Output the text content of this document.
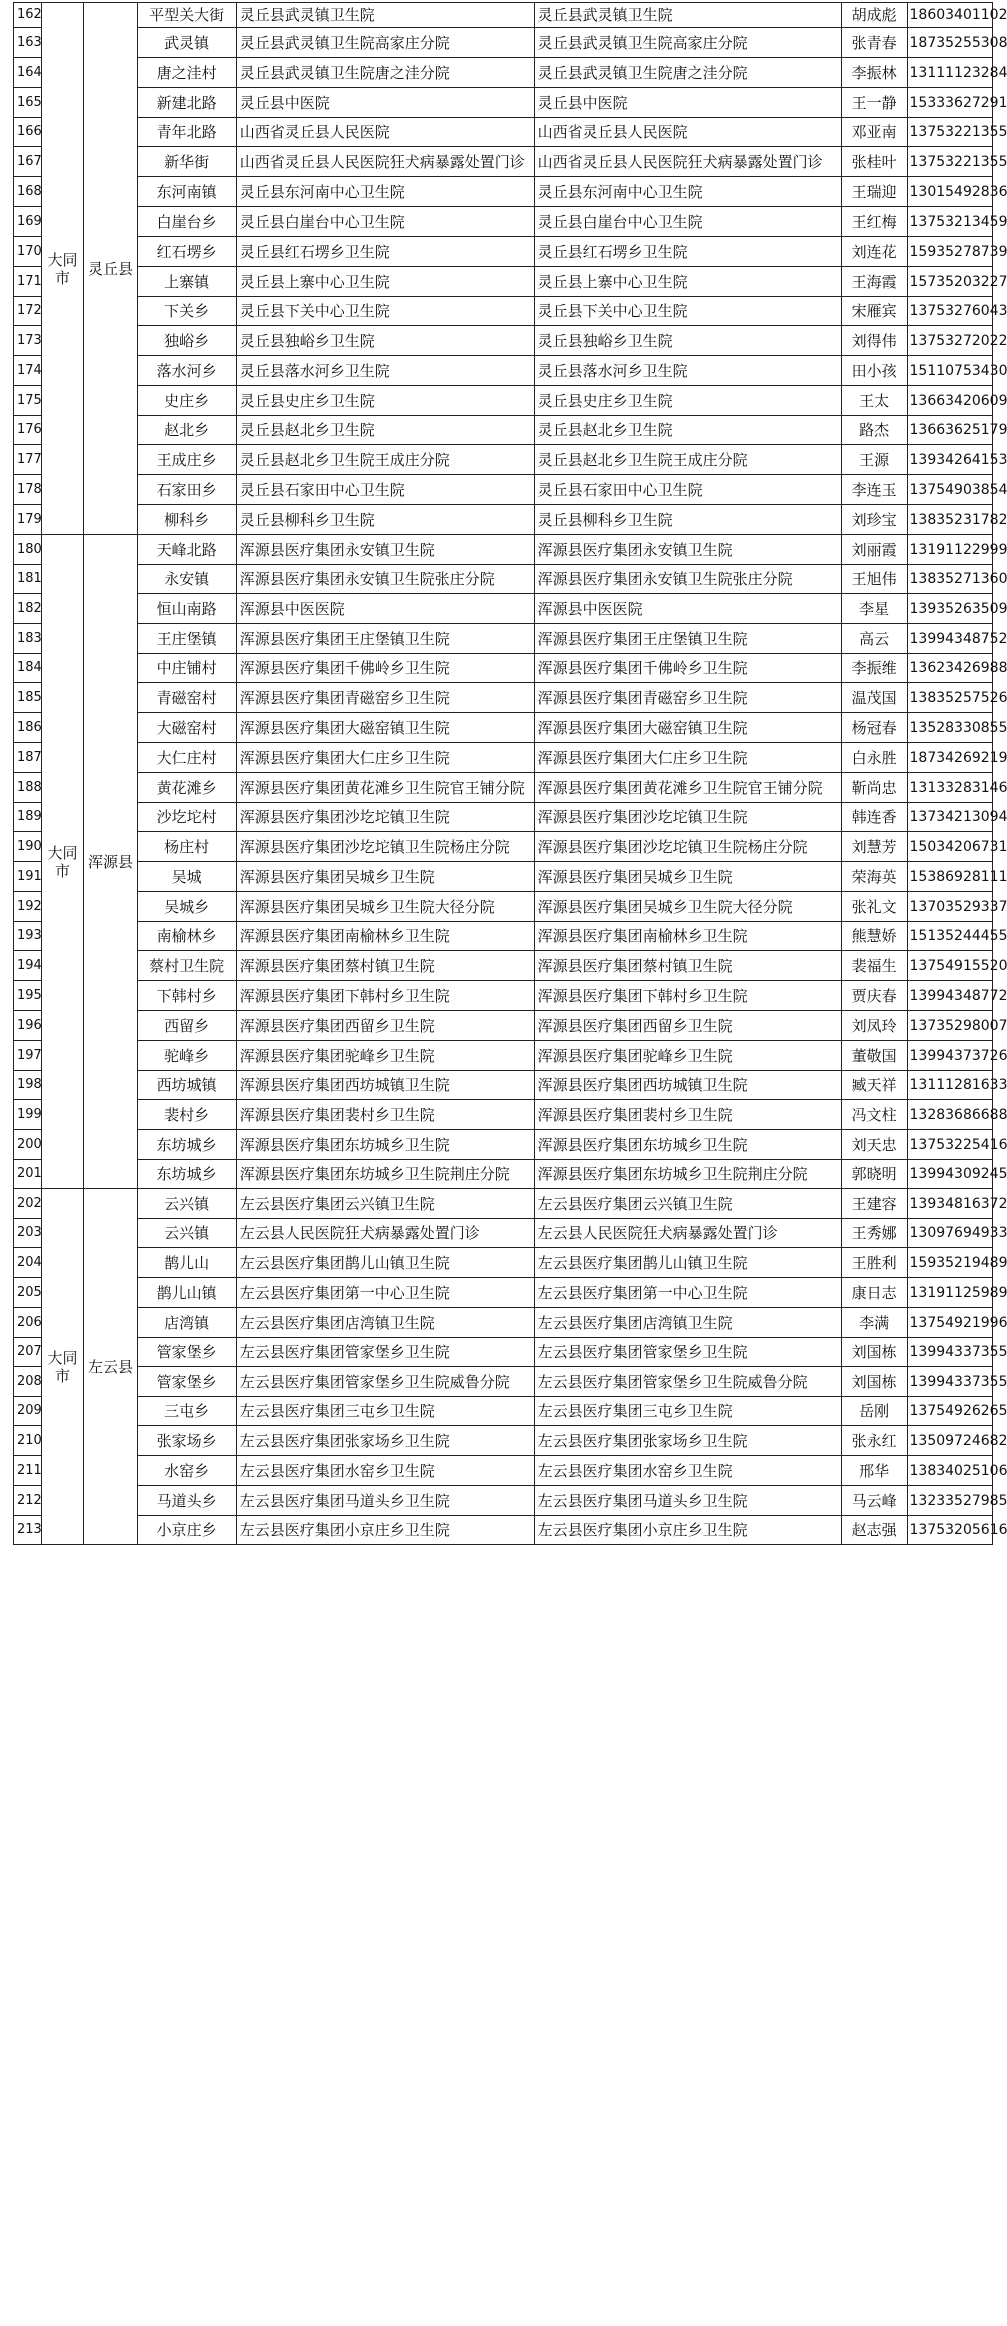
162	大同市	灵丘县	平型关大街	灵丘县武灵镇卫生院	灵丘县武灵镇卫生院	胡成彪	18603401102
163			武灵镇	灵丘县武灵镇卫生院高家庄分院	灵丘县武灵镇卫生院高家庄分院	张青春	18735255308
164			唐之洼村	灵丘县武灵镇卫生院唐之洼分院	灵丘县武灵镇卫生院唐之洼分院	李振林	13111123284
165			新建北路	灵丘县中医院	灵丘县中医院	王一静	15333627291
166			青年北路	山西省灵丘县人民医院	山西省灵丘县人民医院	邓亚南	13753221355
167			新华街	山西省灵丘县人民医院狂犬病暴露处置门诊	山西省灵丘县人民医院狂犬病暴露处置门诊	张桂叶	13753221355
168			东河南镇	灵丘县东河南中心卫生院	灵丘县东河南中心卫生院	王瑞迎	13015492836
169			白崖台乡	灵丘县白崖台中心卫生院	灵丘县白崖台中心卫生院	王红梅	13753213459
170			红石塄乡	灵丘县红石塄乡卫生院	灵丘县红石塄乡卫生院	刘连花	15935278739
171			上寨镇	灵丘县上寨中心卫生院	灵丘县上寨中心卫生院	王海霞	15735203227
172			下关乡	灵丘县下关中心卫生院	灵丘县下关中心卫生院	宋雁宾	13753276043
173			独峪乡	灵丘县独峪乡卫生院	灵丘县独峪乡卫生院	刘得伟	13753272022
174			落水河乡	灵丘县落水河乡卫生院	灵丘县落水河乡卫生院	田小孩	15110753430
175			史庄乡	灵丘县史庄乡卫生院	灵丘县史庄乡卫生院	王太	13663420609
176			赵北乡	灵丘县赵北乡卫生院	灵丘县赵北乡卫生院	路杰	13663625179
177			王成庄乡	灵丘县赵北乡卫生院王成庄分院	灵丘县赵北乡卫生院王成庄分院	王源	13934264153
178			石家田乡	灵丘县石家田中心卫生院	灵丘县石家田中心卫生院	李连玉	13754903854
179			柳科乡	灵丘县柳科乡卫生院	灵丘县柳科乡卫生院	刘珍宝	13835231782
180	大同市	浑源县	天峰北路	浑源县医疗集团永安镇卫生院	浑源县医疗集团永安镇卫生院	刘丽霞	13191122999
181			永安镇	浑源县医疗集团永安镇卫生院张庄分院	浑源县医疗集团永安镇卫生院张庄分院	王旭伟	13835271360
182			恒山南路	浑源县中医医院	浑源县中医医院	李星	13935263509
183			王庄堡镇	浑源县医疗集团王庄堡镇卫生院	浑源县医疗集团王庄堡镇卫生院	高云	13994348752
184			中庄铺村	浑源县医疗集团千佛岭乡卫生院	浑源县医疗集团千佛岭乡卫生院	李振维	13623426988
185			青磁窑村	浑源县医疗集团青磁窑乡卫生院	浑源县医疗集团青磁窑乡卫生院	温茂国	13835257526
186			大磁窑村	浑源县医疗集团大磁窑镇卫生院	浑源县医疗集团大磁窑镇卫生院	杨冠春	13528330855
187			大仁庄村	浑源县医疗集团大仁庄乡卫生院	浑源县医疗集团大仁庄乡卫生院	白永胜	18734269219
188			黄花滩乡	浑源县医疗集团黄花滩乡卫生院官王铺分院	浑源县医疗集团黄花滩乡卫生院官王铺分院	靳尚忠	13133283146
189			沙圪坨村	浑源县医疗集团沙圪坨镇卫生院	浑源县医疗集团沙圪坨镇卫生院	韩连香	13734213094
190			杨庄村	浑源县医疗集团沙圪坨镇卫生院杨庄分院	浑源县医疗集团沙圪坨镇卫生院杨庄分院	刘慧芳	15034206731
191			吴城	浑源县医疗集团吴城乡卫生院	浑源县医疗集团吴城乡卫生院	荣海英	15386928111
192			吴城乡	浑源县医疗集团吴城乡卫生院大径分院	浑源县医疗集团吴城乡卫生院大径分院	张礼文	13703529337
193			南榆林乡	浑源县医疗集团南榆林乡卫生院	浑源县医疗集团南榆林乡卫生院	熊慧娇	15135244455
194			蔡村卫生院	浑源县医疗集团蔡村镇卫生院	浑源县医疗集团蔡村镇卫生院	裴福生	13754915520
195			下韩村乡	浑源县医疗集团下韩村乡卫生院	浑源县医疗集团下韩村乡卫生院	贾庆春	13994348772
196			西留乡	浑源县医疗集团西留乡卫生院	浑源县医疗集团西留乡卫生院	刘凤玲	13735298007
197			驼峰乡	浑源县医疗集团驼峰乡卫生院	浑源县医疗集团驼峰乡卫生院	董敬国	13994373726
198			西坊城镇	浑源县医疗集团西坊城镇卫生院	浑源县医疗集团西坊城镇卫生院	臧天祥	13111281633
199			裴村乡	浑源县医疗集团裴村乡卫生院	浑源县医疗集团裴村乡卫生院	冯文柱	13283686688
200			东坊城乡	浑源县医疗集团东坊城乡卫生院	浑源县医疗集团东坊城乡卫生院	刘天忠	13753225416
201			东坊城乡	浑源县医疗集团东坊城乡卫生院荆庄分院	浑源县医疗集团东坊城乡卫生院荆庄分院	郭晓明	13994309245
202	大同市	左云县	云兴镇	左云县医疗集团云兴镇卫生院	左云县医疗集团云兴镇卫生院	王建容	13934816372
203			云兴镇	左云县人民医院狂犬病暴露处置门诊	左云县人民医院狂犬病暴露处置门诊	王秀娜	13097694933
204			鹊儿山	左云县医疗集团鹊儿山镇卫生院	左云县医疗集团鹊儿山镇卫生院	王胜利	15935219489
205			鹊儿山镇	左云县医疗集团第一中心卫生院	左云县医疗集团第一中心卫生院	康日志	13191125989
206			店湾镇	左云县医疗集团店湾镇卫生院	左云县医疗集团店湾镇卫生院	李满	13754921996
207			管家堡乡	左云县医疗集团管家堡乡卫生院	左云县医疗集团管家堡乡卫生院	刘国栋	13994337355
208			管家堡乡	左云县医疗集团管家堡乡卫生院威鲁分院	左云县医疗集团管家堡乡卫生院威鲁分院	刘国栋	13994337355
209			三屯乡	左云县医疗集团三屯乡卫生院	左云县医疗集团三屯乡卫生院	岳刚	13754926265
210			张家场乡	左云县医疗集团张家场乡卫生院	左云县医疗集团张家场乡卫生院	张永红	13509724682
211			水窑乡	左云县医疗集团水窑乡卫生院	左云县医疗集团水窑乡卫生院	邢华	13834025106
212			马道头乡	左云县医疗集团马道头乡卫生院	左云县医疗集团马道头乡卫生院	马云峰	13233527985
213			小京庄乡	左云县医疗集团小京庄乡卫生院	左云县医疗集团小京庄乡卫生院	赵志强	13753205616
